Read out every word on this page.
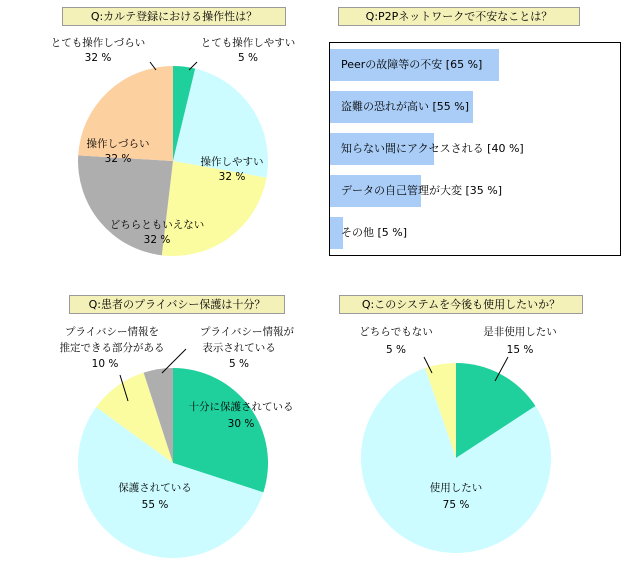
Q:カルテ登録における操作性は？
とても操作しづらい
32 %
とても操作しやすい
5 %
操作しづらい
32 %	操作しやすい
32 %
どちらともいえない
32 %
Q:P2Pネットワークで不安なことは？
Peerの故障等の不安 [65 %]
盗難の恐れが高い [55 %]
知らない間にアクセスされる [40 %]
データの自己管理が大変 [35 %]
その他 [5 %]
Q:患者のプライバシー保護は十分？
プライバシー情報を
推定できる部分がある
10 %
プライバシー情報が
表示されている
5 %
十分に保護されている
30 %
保護されている
55 %
Q:このシステムを今後も使用したいか？
どちらでもない
5 %
是非使用したい
15 %
使用したい
75 %
